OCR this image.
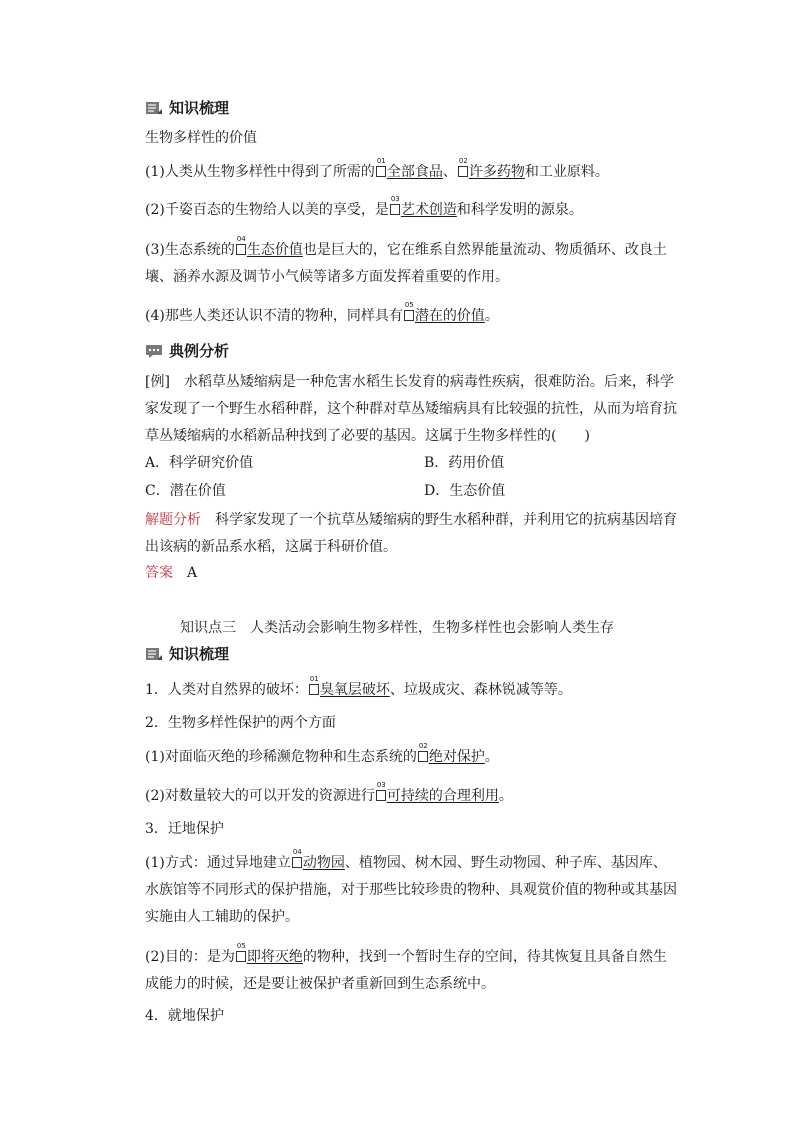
知识梳理
生物多样性的价值
(1)人类从生物多样性中得到了所需的
01
全部食品、
02
许多药物和工业原料。
(2)千姿百态的生物给人以美的享受，是
03
艺术创造和科学发明的源泉。
(3)生态系统的
04
生态价值也是巨大的，它在维系自然界能量流动、物质循环、改良土壤、涵养水源及调节小气候等诸多方面发挥着重要的作用。
(4)那些人类还认识不清的物种，同样具有
05
潜在的价值。
典例分析
[例]　水稻草丛矮缩病是一种危害水稻生长发育的病毒性疾病，很难防治。后来，科学家发现了一个野生水稻种群，这个种群对草丛矮缩病具有比较强的抗性，从而为培育抗草丛矮缩病的水稻新品种找到了必要的基因。这属于生物多样性的(　　)
A．科学研究价值	B．药用价值
C．潜在价值	D．生态价值
解题分析　 科学家发现了一个抗草丛矮缩病的野生水稻种群，并利用它的抗病基因培育出该病的新品系水稻，这属于科研价值。
答案　 A
知识点三　人类活动会影响生物多样性，生物多样性也会影响人类生存
知识梳理
1．人类对自然界的破坏：
01
臭氧层破坏、垃圾成灾、森林锐减等等。
2．生物多样性保护的两个方面
(1)对面临灭绝的珍稀濒危物种和生态系统的
02
绝对保护。
(2)对数量较大的可以开发的资源进行
03
可持续的合理利用。
3．迁地保护
(1)方式：通过异地建立
04
动物园、植物园、树木园、野生动物园、种子库、基因库、水族馆等不同形式的保护措施，对于那些比较珍贵的物种、具观赏价值的物种或其基因实施由人工辅助的保护。
(2)目的：是为
05
即将灭绝的物种，找到一个暂时生存的空间，待其恢复且具备自然生成能力的时候，还是要让被保护者重新回到生态系统中。
4．就地保护
